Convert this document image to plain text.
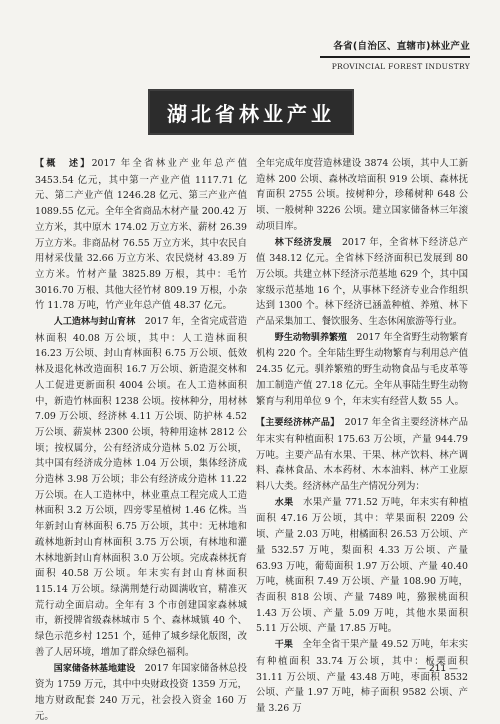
各省(自治区、直辖市)林业产业
PROVINCIAL FOREST INDUSTRY
湖北省林业产业

【概　述】2017 年全省林业产业年总产值 3453.54 亿元，其中第一产业产值 1117.71 亿元、第二产业产值 1246.28 亿元、第三产业产值 1089.55 亿元。全年全省商品木材产量 200.42 万立方米，其中原木 174.02 万立方米、薪材 26.39 万立方米。非商品材 76.55 万立方米，其中农民自用材采伐量 32.66 万立方米、农民烧材 43.89 万立方米。竹材产量 3825.89 万根，其中：毛竹 3016.70 万根、其他大径竹材 809.19 万根，小杂竹 11.78 万吨，竹产业年总产值 48.37 亿元。

人工造林与封山育林　 2017 年，全省完成营造林面积 40.08 万公顷，其中：人工造林面积 16.23 万公顷、封山育林面积 6.75 万公顷、低效林及退化林改造面积 16.7 万公顷、新造混交林和人工促进更新面积 4004 公顷。在人工造林面积中，新造竹林面积 1238 公顷。按林种分，用材林 7.09 万公顷、经济林 4.11 万公顷、防护林 4.52 万公顷、薪炭林 2300 公顷，特种用途林 2812 公顷；按权属分，公有经济成分造林 5.02 万公顷，其中国有经济成分造林 1.04 万公顷，集体经济成分造林 3.98 万公顷；非公有经济成分造林 11.22 万公顷。在人工造林中，林业重点工程完成人工造林面积 3.2 万公顷，四旁零星植树 1.46 亿株。当年新封山育林面积 6.75 万公顷，其中：无林地和疏林地新封山育林面积 3.75 万公顷，有林地和灌木林地新封山育林面积 3.0 万公顷。完成森林抚育面积 40.58 万公顷。年末实有封山育林面积 115.14 万公顷。绿满荆楚行动圆满收官，精准灭荒行动全面启动。全年有 3 个市创建国家森林城市，新授牌省级森林城市 5 个、森林城镇 40 个、绿色示范乡村 1251 个，延伸了城乡绿化版图，改善了人居环境，增加了群众绿色福利。

国家储备林基地建设　 2017 年国家储备林总投资为 1759 万元，其中中央财政投资 1359 万元，地方财政配套 240 万元，社会投入资金 160 万元。

全年完成年度营造林建设 3874 公顷，其中人工新造林 200 公顷、森林改培面积 919 公顷、森林抚育面积 2755 公顷。按树种分，珍稀树种 648 公顷、一般树种 3226 公顷。建立国家储备林三年滚动项目库。

林下经济发展　 2017 年，全省林下经济总产值 348.12 亿元。全省林下经济面积已发展到 80 万公顷。共建立林下经济示范基地 629 个，其中国家级示范基地 16 个，从事林下经济专业合作组织达到 1300 个。林下经济已涵盖种植、养殖、林下产品采集加工、餐饮服务、生态休闲旅游等行业。

野生动物驯养繁殖　 2017 年全省野生动物繁育机构 220 个。全年陆生野生动物繁育与利用总产值 24.35 亿元。驯养繁殖的野生动物食品与毛皮革等加工制造产值 27.18 亿元。全年从事陆生野生动物繁育与利用单位 9 个，年末实有经营人数 55 人。

【主要经济林产品】　 2017 年全省主要经济林产品年末实有种植面积 175.63 万公顷，产量 944.79 万吨。主要产品有水果、干果、林产饮料、林产调料、森林食品、木本药材、木本油料、林产工业原料八大类。经济林产品生产情况分列为：

水果　 水果产量 771.52 万吨，年末实有种植面积 47.16 万公顷，其中：苹果面积 2209 公顷、产量 2.03 万吨，柑橘面积 26.53 万公顷、产量 532.57 万吨，梨面积 4.33 万公顷、产量 63.93 万吨，葡萄面积 1.97 万公顷、产量 40.40 万吨，桃面积 7.49 万公顷、产量 108.90 万吨，杏面积 818 公顷、产量 7489 吨，猕猴桃面积 1.43 万公顷、产量 5.09 万吨，其他水果面积 5.11 万公顷、产量 17.85 万吨。

干果　 全年全省干果产量 49.52 万吨，年末实有种植面积 33.74 万公顷，其中：板栗面积 31.11 万公顷、产量 43.48 万吨，枣面积 8532 公顷、产量 1.97 万吨，柿子面积 9582 公顷、产量 3.26 万

— 211 —
